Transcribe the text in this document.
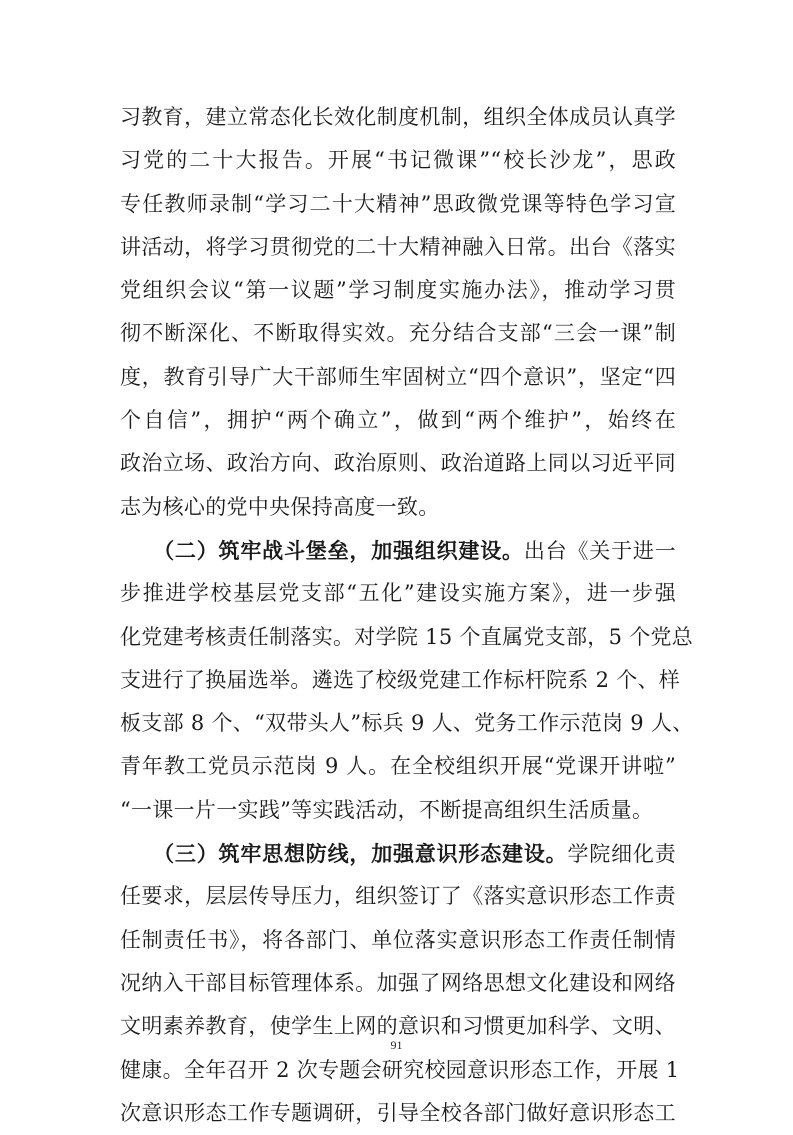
习教育，建立常态化长效化制度机制，组织全体成员认真学
习党的二十大报告。开展“书记微课”“校长沙龙”，思政
专任教师录制“学习二十大精神”思政微党课等特色学习宣
讲活动，将学习贯彻党的二十大精神融入日常。出台《落实
党组织会议“第一议题”学习制度实施办法》，推动学习贯
彻不断深化、不断取得实效。充分结合支部“三会一课”制
度，教育引导广大干部师生牢固树立“四个意识”，坚定“四
个自信”，拥护“两个确立”，做到“两个维护”，始终在
政治立场、政治方向、政治原则、政治道路上同以习近平同
志为核心的党中央保持高度一致。
　　（二）筑牢战斗堡垒，加强组织建设。出台《关于进一
步推进学校基层党支部“五化”建设实施方案》，进一步强
化党建考核责任制落实。对学院 15 个直属党支部，5 个党总
支进行了换届选举。遴选了校级党建工作标杆院系 2 个、样
板支部 8 个、“双带头人”标兵 9 人、党务工作示范岗 9 人、
青年教工党员示范岗 9 人。在全校组织开展“党课开讲啦”
“一课一片一实践”等实践活动，不断提高组织生活质量。
　　（三）筑牢思想防线，加强意识形态建设。学院细化责
任要求，层层传导压力，组织签订了《落实意识形态工作责
任制责任书》，将各部门、单位落实意识形态工作责任制情
况纳入干部目标管理体系。加强了网络思想文化建设和网络
文明素养教育，使学生上网的意识和习惯更加科学、文明、
健康。全年召开 2 次专题会研究校园意识形态工作，开展 1
次意识形态工作专题调研，引导全校各部门做好意识形态工
91
